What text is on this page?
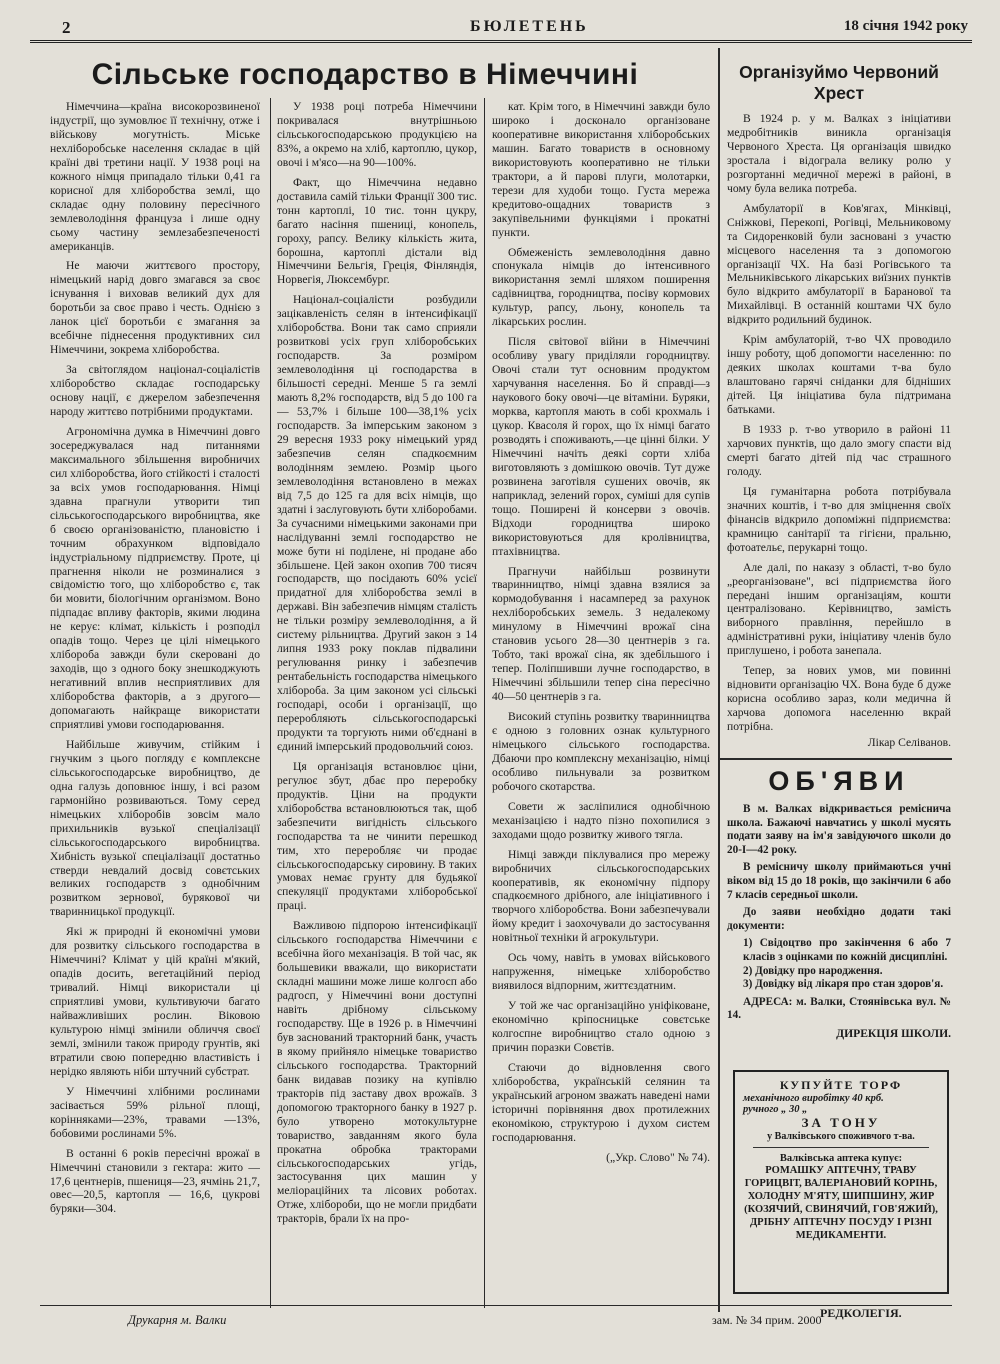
2	БЮЛЕТЕНЬ	18 січня 1942 року
Сільське господарство в Німеччині

Німеччина—країна високорозвиненої індустрії, що зумовлює її технічну, отже і військову могутність. Міське нехліборобське населення складає в цій країні дві третини нації. У 1938 році на кожного німця припадало тільки 0,41 га корисної для хліборобства землі, що складає одну половину пересічного землеволодіння француза і лише одну сьому частину землезабезпеченості американців.

Не маючи життєвого простору, німецький нарід довго змагався за своє існування і виховав великий дух для боротьби за своє право і честь. Однією з ланок цієї боротьби є змагання за всебічне піднесення продуктивних сил Німеччини, зокрема хліборобства.

За світоглядом націонал-соціалістів хліборобство складає господарську основу нації, є джерелом забезпечення народу життєво потрібними продуктами.

Агрономічна думка в Німеччині довго зосереджувалася над питаннями максимального збільшення виробничих сил хліборобства, його стійкості і сталості за всіх умов господарювання. Німці здавна прагнули утворити тип сільськогосподарського виробництва, яке б своєю організованістю, плановістю і точним обрахунком відповідало індустріальному підприємству. Проте, ці прагнення ніколи не розминалися з свідомістю того, що хліборобство є, так би мовити, біологічним організмом. Воно підпадає впливу факторів, якими людина не керує: клімат, кількість і розподіл опадів тощо. Через це цілі німецького хлібороба завжди були скеровані до заходів, що з одного боку знешкоджують негативний вплив несприятливих для хліборобства факторів, а з другого—допомагають найкраще використати сприятливі умови господарювання.

Найбільше живучим, стійким і гнучким з цього погляду є комплексне сільськогосподарське виробництво, де одна галузь доповнює іншу, і всі разом гармонійно розвиваються. Тому серед німецьких хліборобів зовсім мало прихильників вузької спеціалізації сільськогосподарського виробництва. Хибність вузької спеціалізації достатньо стверди невдалий досвід совєтських великих господарств з однобічним розвитком зернової, бурякової чи тваринницької продукції.

Які ж природні й економічні умови для розвитку сільського господарства в Німеччині? Клімат у цій країні м'який, опадів досить, вегетаційний період тривалий. Німці використали ці сприятливі умови, культивуючи багато найважливіших рослин. Віковою культурою німці змінили обличчя своєї землі, змінили також природу грунтів, які втратили свою попередню властивість і нерідко являють ніби штучний субстрат.

У Німеччині хлібними рослинами засівається 59% рільної площі, корінняками—23%, травами —13%, бобовими рослинами 5%.

В останні 6 років пересічні врожаї в Німеччині становили з гектара: жито — 17,6 центнерів, пшениця—23, ячмінь 21,7, овес—20,5, картопля — 16,6, цукрові буряки—304.

У 1938 році потреба Німеччини покривалася внутрішньою сільськогосподарською продукцією на 83%, а окремо на хліб, картоплю, цукор, овочі і м'ясо—на 90—100%.

Факт, що Німеччина недавно доставила самій тільки Франції 300 тис. тонн картоплі, 10 тис. тонн цукру, багато насіння пшениці, конопель, гороху, рапсу. Велику кількість жита, борошна, картоплі дістали від Німеччини Бельгія, Греція, Фінляндія, Норвегія, Люксембург.

Націонал-соціалісти розбудили зацікавленість селян в інтенсифікації хліборобства. Вони так само сприяли розвиткові усіх груп хліборобських господарств. За розміром землеволодіння ці господарства в більшості середні. Менше 5 га землі мають 8,2% господарств, від 5 до 100 га — 53,7% і більше 100—38,1% усіх господарств. За імперським законом з 29 вересня 1933 року німецький уряд забезпечив селян спадкоємним володінням землею. Розмір цього землеволодіння встановлено в межах від 7,5 до 125 га для всіх німців, що здатні і заслуговують бути хліборобами. За сучасними німецькими законами при наслідуванні землі господарство не може бути ні поділене, ні продане або збільшене. Цей закон охопив 700 тисяч господарств, що посідають 60% усієї придатної для хліборобства землі в державі. Він забезпечив німцям сталість не тільки розміру землеволодіння, а й систему рільництва. Другий закон з 14 липня 1933 року поклав підвалини регулювання ринку і забезпечив рентабельність господарства німецького хлібороба. За цим законом усі сільські господарі, особи і організації, що переробляють сільськогосподарські продукти та торгують ними об'єднані в єдиний імперський продовольчий союз.

Ця організація встановлює ціни, регулює збут, дбає про переробку продуктів. Ціни на продукти хліборобства встановлюються так, щоб забезпечити вигідність сільського господарства та не чинити перешкод тим, хто переробляє чи продає сільськогосподарську сировину. В таких умовах немає грунту для будьякої спекуляції продуктами хліборобської праці.

Важливою підпорою інтенсифікації сільського господарства Німеччини є всебічна його механізація. В той час, як большевики вважали, що використати складні машини може лише колгосп або радгосп, у Німеччині вони доступні навіть дрібному сільському господарству. Ще в 1926 р. в Німеччині був заснований тракторний банк, участь в якому прийняло німецьке товариство сільського господарства. Тракторний банк видавав позику на купівлю тракторів під заставу двох врожаїв. З допомогою тракторного банку в 1927 р. було утворено мотокультурне товариство, завданням якого була прокатна обробка тракторами сільськогосподарських угідь, застосування цих машин у меліораційних та лісових роботах. Отже, хлібороби, що не могли придбати тракторів, брали їх на про-

кат. Крім того, в Німеччині завжди було широко і досконало організоване кооперативне використання хліборобських машин. Багато товариств в основному використовують кооперативно не тільки трактори, а й парові плуги, молотарки, терези для худоби тощо. Густа мережа кредитово-ощадних товариств з закупівельними функціями і прокатні пункти.

Обмеженість землеволодіння давно спонукала німців до інтенсивного використання землі шляхом поширення садівництва, городництва, посіву кормових культур, рапсу, льону, конопель та лікарських рослин.

Після світової війни в Німеччині особливу увагу приділяли городництву. Овочі стали тут основним продуктом харчування населення. Бо й справді—з наукового боку овочі—це вітаміни. Буряки, морква, картопля мають в собі крохмаль і цукор. Квасоля й горох, що їх німці багато розводять і споживають,—це цінні білки. У Німеччині начіть деякі сорти хліба виготовляють з домішкою овочів. Тут дуже розвинена заготівля сушених овочів, як наприклад, зелений горох, суміші для супів тощо. Поширені й консерви з овочів. Відходи городництва широко використовуються для кролівництва, птахівництва.

Прагнучи найбільш розвинути тваринництво, німці здавна взялися за кормодобування і насамперед за рахунок нехліборобських земель. З недалекому минулому в Німеччині врожаї сіна становив усього 28—30 центнерів з га. Тобто, такі врожаї сіна, як здебільшого і тепер. Поліпшивши лучне господарство, в Німеччині збільшили тепер сіна пересічно 40—50 центнерів з га.

Високий ступінь розвитку тваринництва є одною з головних ознак культурного німецького сільського господарства. Дбаючи про комплексну механізацію, німці особливо пильнували за розвитком робочого скотарства.

Совети ж засліпилися однобічною механізацією і надто пізно похопилися з заходами щодо розвитку живого тягла.

Німці завжди піклувалися про мережу виробничих сільськогосподарських кооперативів, як економічну підпору спадкоємного дрібного, але ініціативного і творчого хліборобства. Вони забезпечували йому кредит і заохочували до застосування новітньої техніки й агрокультури.

Ось чому, навіть в умовах військового напруження, німецьке хліборобство виявилося відпорним, життєздатним.

У той же час організаційно уніфіковане, економічно кріпосницьке совєтське колгоспне виробництво стало одною з причин поразки Совєтів.

Стаючи до відновлення свого хліборобства, українській селянин та український агроном зважать наведені нами історичні порівняння двох протилежних економікою, структурою і духом систем господарювання.

(„Укр. Слово" № 74).
Організуймо Червоний Хрест

В 1924 р. у м. Валках з ініціативи медробітників виникла організація Червоного Хреста. Ця організація швидко зростала і відограла велику ролю у розгортанні медичної мережі в районі, в чому була велика потреба.

Амбулаторії в Ков'ягах, Мінківці, Сніжкові, Перекопі, Рогівці, Мельниковому та Сидоренковій були засновані з участю місцевого населення та з допомогою організації ЧХ. На базі Рогівського та Мельниківського лікарських виїзних пунктів було відкрито амбулаторії в Баранової та Михайлівці. В останній коштами ЧХ було відкрито родильний будинок.

Крім амбулаторій, т-во ЧХ проводило іншу роботу, щоб допомогти населенню: по деяких школах коштами т-ва було влаштовано гарячі сніданки для бідніших дітей. Ця ініціатива була підтримана батьками.

В 1933 р. т-во утворило в районі 11 харчових пунктів, що дало змогу спасти від смерті багато дітей під час страшного голоду.

Ця гуманітарна робота потрібувала значних коштів, і т-во для зміцнення своїх фінансів відкрило допоміжні підприємства: крамницю санітарії та гігієни, пральню, фотоательє, перукарні тощо.

Але далі, по наказу з області, т-во було „реорганізоване", всі підприємства його передані іншим організаціям, кошти централізовано. Керівництво, замість виборного правління, перейшло в адміністративні руки, ініціативу членів було приглушено, і робота занепала.

Тепер, за нових умов, ми повинні відновити організацію ЧХ. Вона буде б дуже корисна особливо зараз, коли медична й харчова допомога населенню вкрай потрібна.

Лікар Селіванов.
ОБ'ЯВИ

В м. Валках відкривається ремісничa школа. Бажаючі навчатись у школі мусять подати заяву на ім'я завідуючого школи до 20-І—42 року.

В ремісничу школу приймаються учні віком від 15 до 18 років, що закінчили 6 або 7 класів середньої школи.

До заяви необхідно додати такі документи:

1) Свідоцтво про закінчення 6 або 7 класів з оцінками по кожній дисципліні.
2) Довідку про народження.
3) Довідку від лікаря про стан здоров'я.

АДРЕСА: м. Валки, Стоянівська вул. № 14.

ДИРЕКЦІЯ ШКОЛИ.
КУПУЙТЕ ТОРФ
механічного виробітку 40 крб.
ручного „ 30 „
ЗА ТОНУ
у Валківського споживчого т-ва.
Валківська аптека купує:
РОМАШКУ АПТЕЧНУ, ТРАВУ ГОРИЦВІТ, ВАЛЕРІАНОВИЙ КОРІНЬ, ХОЛОДНУ М'ЯТУ, ШИПШИНУ, ЖИР (КОЗЯЧИЙ, СВИНЯЧИЙ, ГОВ'ЯЖИЙ), ДРІБНУ АПТЕЧНУ ПОСУДУ І РІЗНІ МЕДИКАМЕНТИ.
РЕДКОЛЕГІЯ.
Друкарня м. Валки	зам. № 34 прим. 2000
